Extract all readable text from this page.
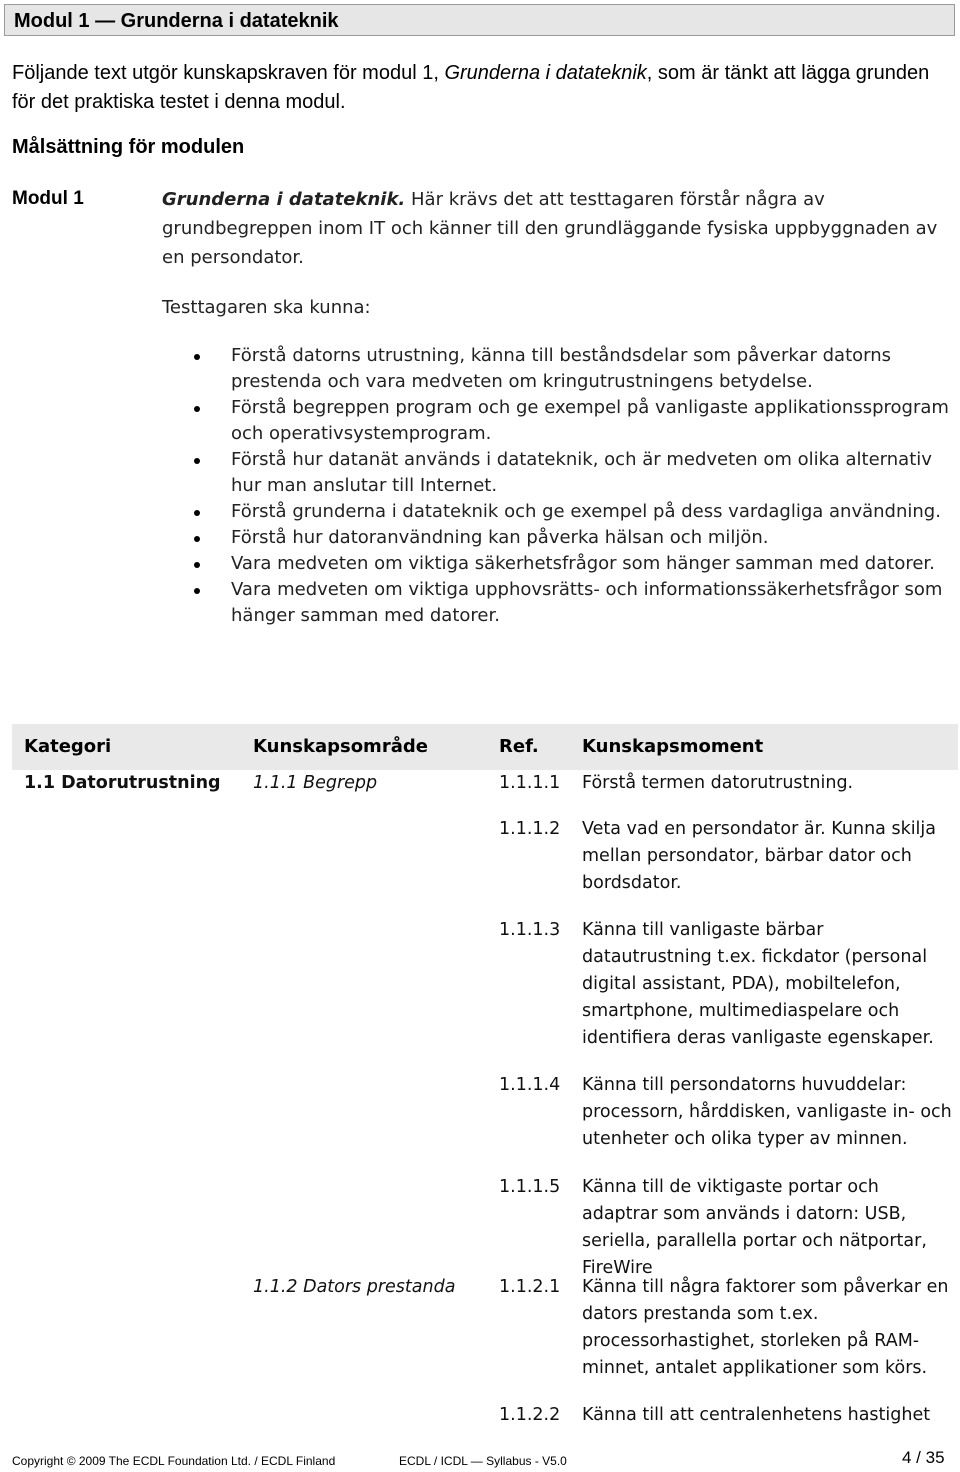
Modul 1 — Grunderna i datateknik

Följande text utgör kunskapskraven för modul 1, Grunderna i datateknik, som är tänkt att lägga grunden för det praktiska testet i denna modul.

Målsättning för modulen
Modul 1	Grunderna i datateknik. Här krävs det att testtagaren förstår några av grundbegreppen inom IT och känner till den grundläggande fysiska uppbyggnaden av en persondator.

Testtagaren ska kunna:
Förstå datorns utrustning, känna till beståndsdelar som påverkar datorns prestenda och vara medveten om kringutrustningens betydelse.
Förstå begreppen program och ge exempel på vanligaste applikationssprogram och operativsystemprogram.
Förstå hur datanät används i datateknik, och är medveten om olika alternativ hur man anslutar till Internet.
Förstå grunderna i datateknik och ge exempel på dess vardagliga användning.
Förstå hur datoranvändning kan påverka hälsan och miljön.
Vara medveten om viktiga säkerhetsfrågor som hänger samman med datorer.
Vara medveten om viktiga upphovsrätts- och informationssäkerhetsfrågor som hänger samman med datorer.
Kategori	Kunskapsområde	Ref. Kunskapsmoment
1.1 Datorutrustning 1.1.1 Begrepp	1.1.1.1 Förstå termen datorutrustning.
1.1.1.2 Veta vad en persondator är. Kunna skilja mellan persondator, bärbar dator och bordsdator.
1.1.1.3 Känna till vanligaste bärbar datautrustning t.ex. fickdator (personal digital assistant, PDA), mobiltelefon, smartphone, multimediaspelare och identifiera deras vanligaste egenskaper.
1.1.1.4 Känna till persondatorns huvuddelar: processorn, hårddisken, vanligaste in- och utenheter och olika typer av minnen.
1.1.1.5 Känna till de viktigaste portar och adaptrar som används i datorn: USB, seriella, parallella portar och nätportar, FireWire
1.1.2 Dators prestanda 1.1.2.1 Känna till några faktorer som påverkar en dators prestanda som t.ex. processorhastighet, storleken på RAM-minnet, antalet applikationer som körs.
1.1.2.2 Känna till att centralenhetens hastighet
Copyright © 2009 The ECDL Foundation Ltd. / ECDL Finland	ECDL / ICDL — Syllabus - V5.0	4 / 35
